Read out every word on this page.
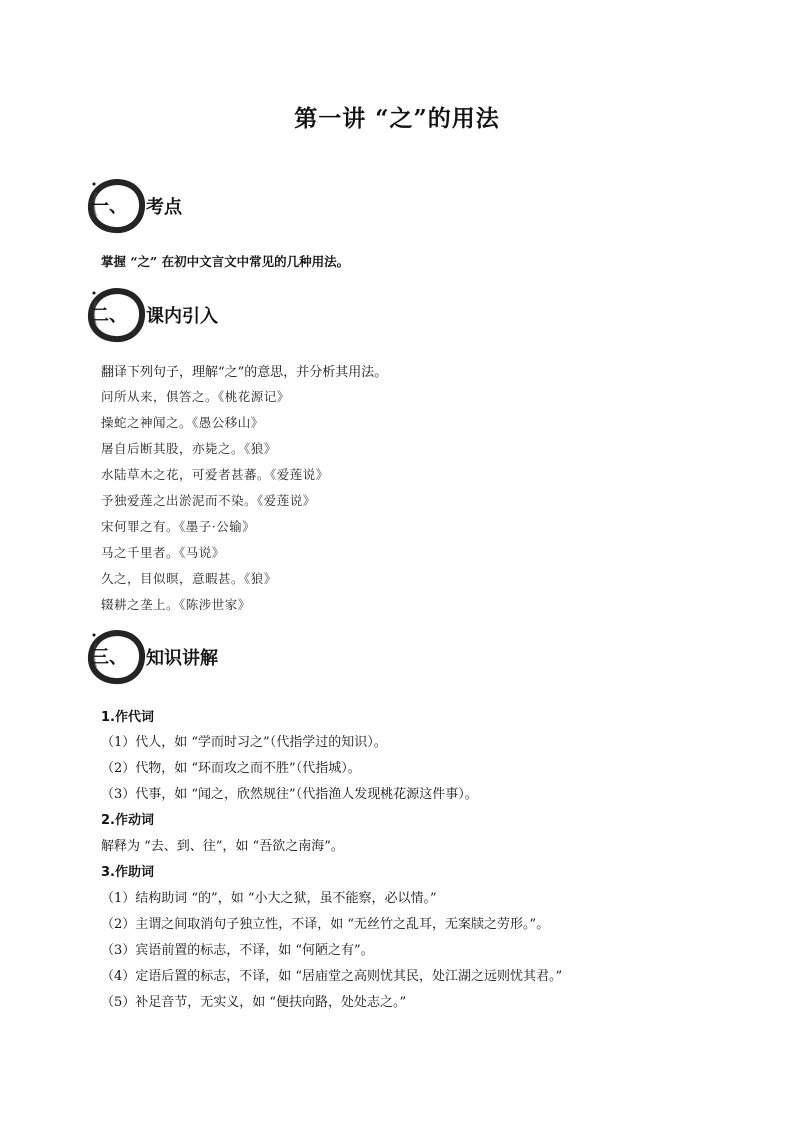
第一讲 “之”的用法
一、 考点
掌握 “之” 在初中文言文中常见的几种用法。
二、 课内引入
翻译下列句子，理解“之”的意思，并分析其用法。
问所从来，俱答之。《桃花源记》
操蛇之神闻之。《愚公移山》
屠自后断其股，亦毙之。《狼》
水陆草木之花，可爱者甚蕃。《爱莲说》
予独爱莲之出淤泥而不染。《爱莲说》
宋何罪之有。《墨子·公输》
马之千里者。《马说》
久之，目似暝，意暇甚。《狼》
辍耕之垄上。《陈涉世家》
三、 知识讲解
1.作代词
（1）代人，如 “学而时习之”（代指学过的知识）。
（2）代物，如 “环而攻之而不胜”（代指城）。
（3）代事，如 “闻之，欣然规往”（代指渔人发现桃花源这件事）。
2.作动词
解释为 “去、到、往”，如 “吾欲之南海”。
3.作助词
（1）结构助词 “的”，如 “小大之狱，虽不能察，必以情。”
（2）主谓之间取消句子独立性，不译，如 “无丝竹之乱耳，无案牍之劳形。”。
（3）宾语前置的标志，不译，如 “何陋之有”。
（4）定语后置的标志，不译，如 “居庙堂之高则忧其民，处江湖之远则忧其君。”
（5）补足音节，无实义，如 “便扶向路，处处志之。”
